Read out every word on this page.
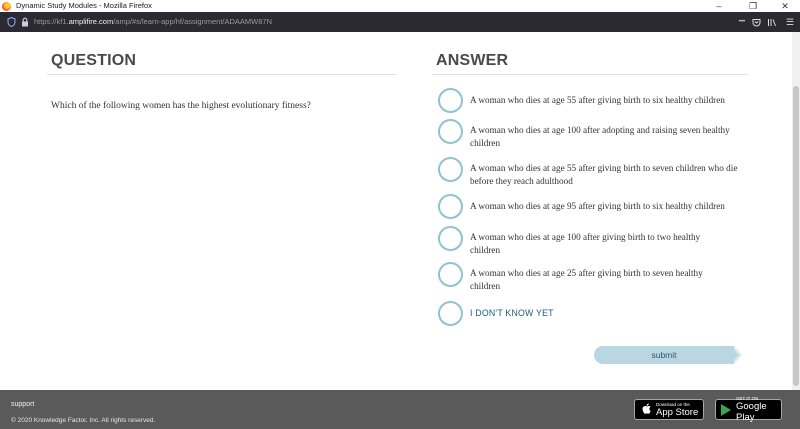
Dynamic Study Modules - Mozilla Firefox	–	❐	✕
https://kf1.amplifire.com/amp/#s/learn-app/hf/assignment/ADAAMW87N	•••	☰
QUESTION
Which of the following women has the highest evolutionary fitness?
ANSWER
A woman who dies at age 55 after giving birth to six healthy children
A woman who dies at age 100 after adopting and raising seven healthy children
A woman who dies at age 55 after giving birth to seven children who die before they reach adulthood
A woman who dies at age 95 after giving birth to six healthy children
A woman who dies at age 100 after giving birth to two healthy children
A woman who dies at age 25 after giving birth to seven healthy children
I DON'T KNOW YET
submit
support
© 2020 Knowledge Factor, Inc. All rights reserved.
Download on the
App Store
GET IT ON
Google Play
